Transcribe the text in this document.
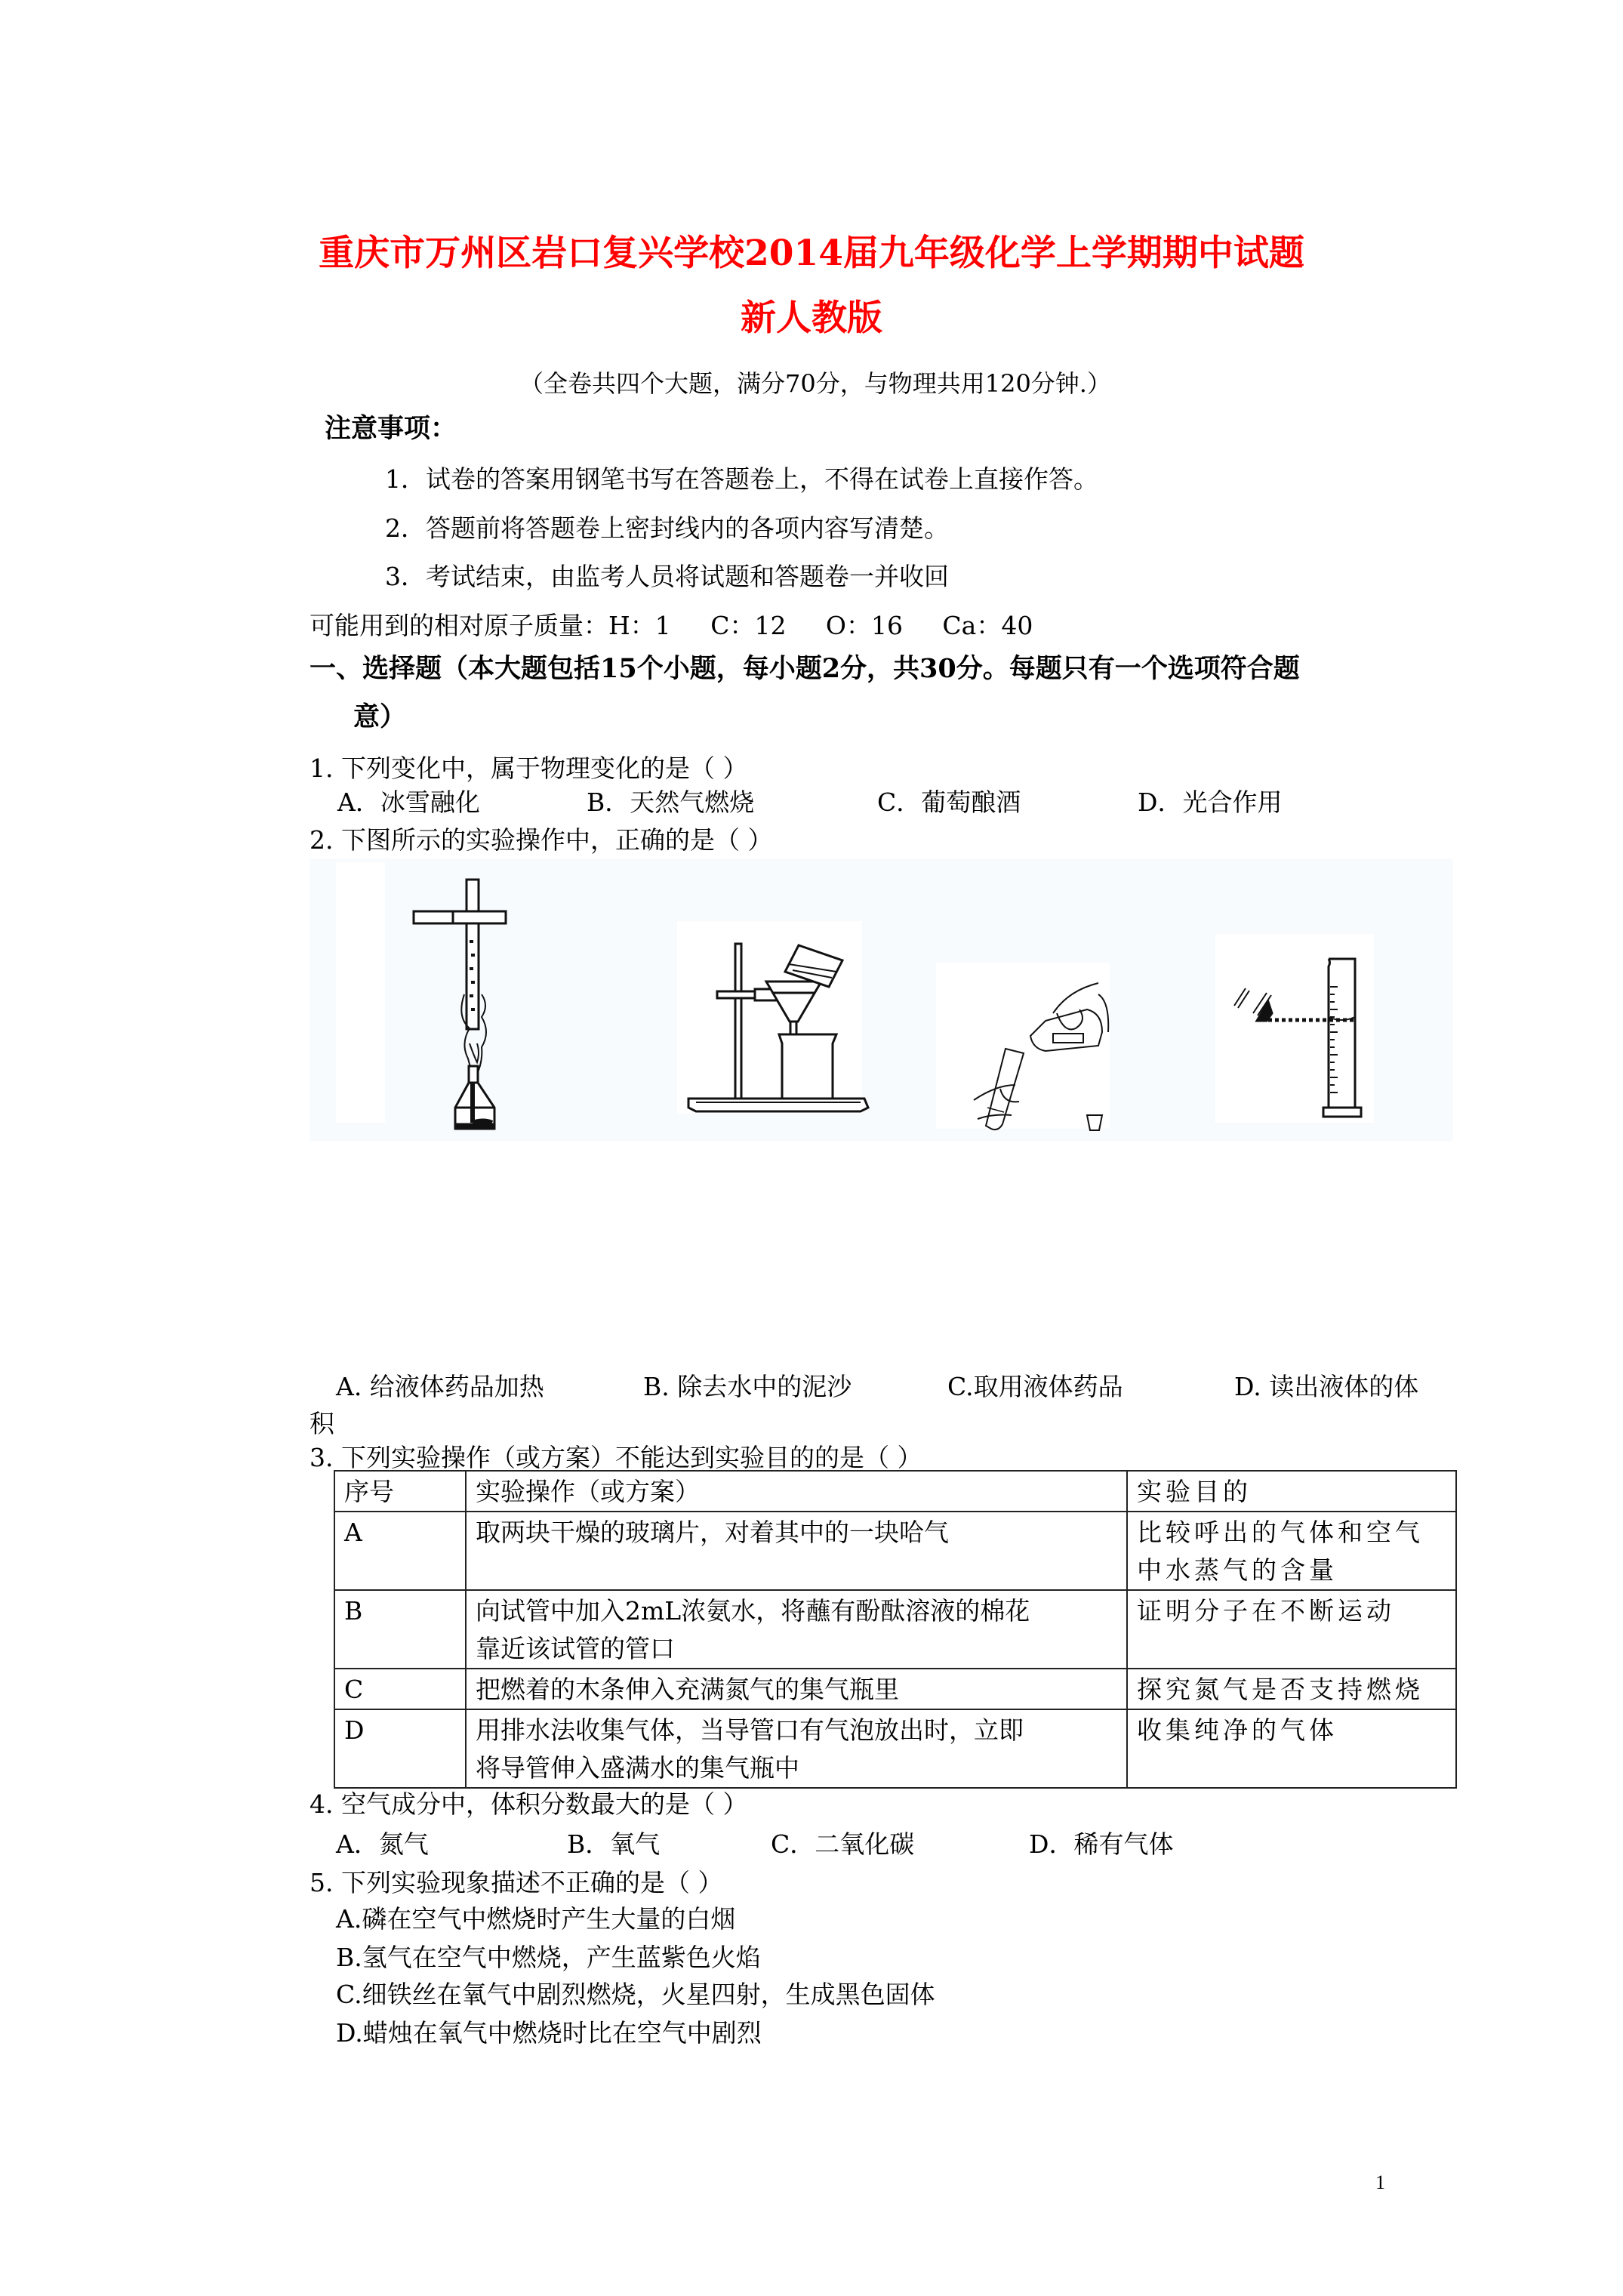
重庆市万州区岩口复兴学校2014届九年级化学上学期期中试题
新人教版
（全卷共四个大题，满分70分，与物理共用120分钟.）
注意事项：
1．试卷的答案用钢笔书写在答题卷上，不得在试卷上直接作答。
2．答题前将答题卷上密封线内的各项内容写清楚。
3．考试结束，由监考人员将试题和答题卷一并收回
可能用到的相对原子质量：H：1     C：12     O：16     Ca：40
一、选择题（本大题包括15个小题，每小题2分，共30分。每题只有一个选项符合题
意）
1. 下列变化中，属于物理变化的是（ ）
A．冰雪融化	B．天然气燃烧	C．葡萄酿酒	D．光合作用
2. 下图所示的实验操作中，正确的是（ ）
A. 给液体药品加热	B. 除去水中的泥沙	C.取用液体药品	D. 读出液体的体
积
3. 下列实验操作（或方案）不能达到实验目的的是（ ）
序号	实验操作（或方案）	实验目的
A	取两块干燥的玻璃片，对着其中的一块哈气	比较呼出的气体和空气
中水蒸气的含量

B	向试管中加入2mL浓氨水，将蘸有酚酞溶液的棉花
靠近该试管的管口	证明分子在不断运动

C	把燃着的木条伸入充满氮气的集气瓶里	探究氮气是否支持燃烧

D	用排水法收集气体，当导管口有气泡放出时，立即
将导管伸入盛满水的集气瓶中	收集纯净的气体
4. 空气成分中，体积分数最大的是（ ）
A．氮气	B．氧气	C．二氧化碳	D．稀有气体
5. 下列实验现象描述不正确的是（ ）
A.磷在空气中燃烧时产生大量的白烟
B.氢气在空气中燃烧，产生蓝紫色火焰
C.细铁丝在氧气中剧烈燃烧，火星四射，生成黑色固体
D.蜡烛在氧气中燃烧时比在空气中剧烈
1
